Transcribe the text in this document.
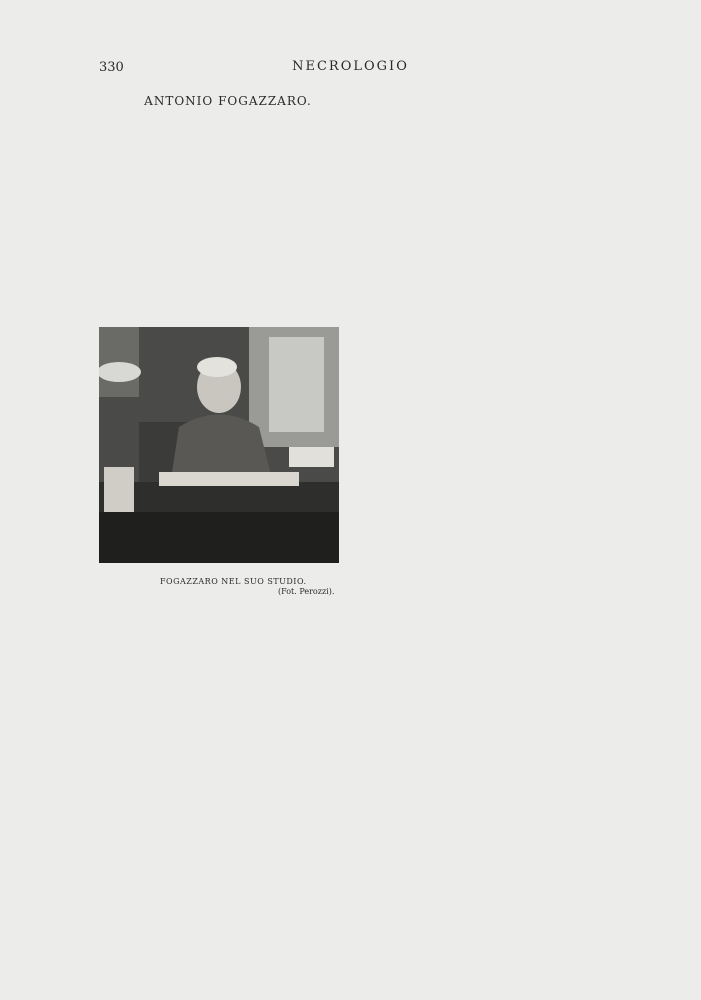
330	NECROLOGIO
ANTONIO FOGAZZARO.
FOGAZZARO NEL SUO STUDIO.
(Fot. Perozzi).
